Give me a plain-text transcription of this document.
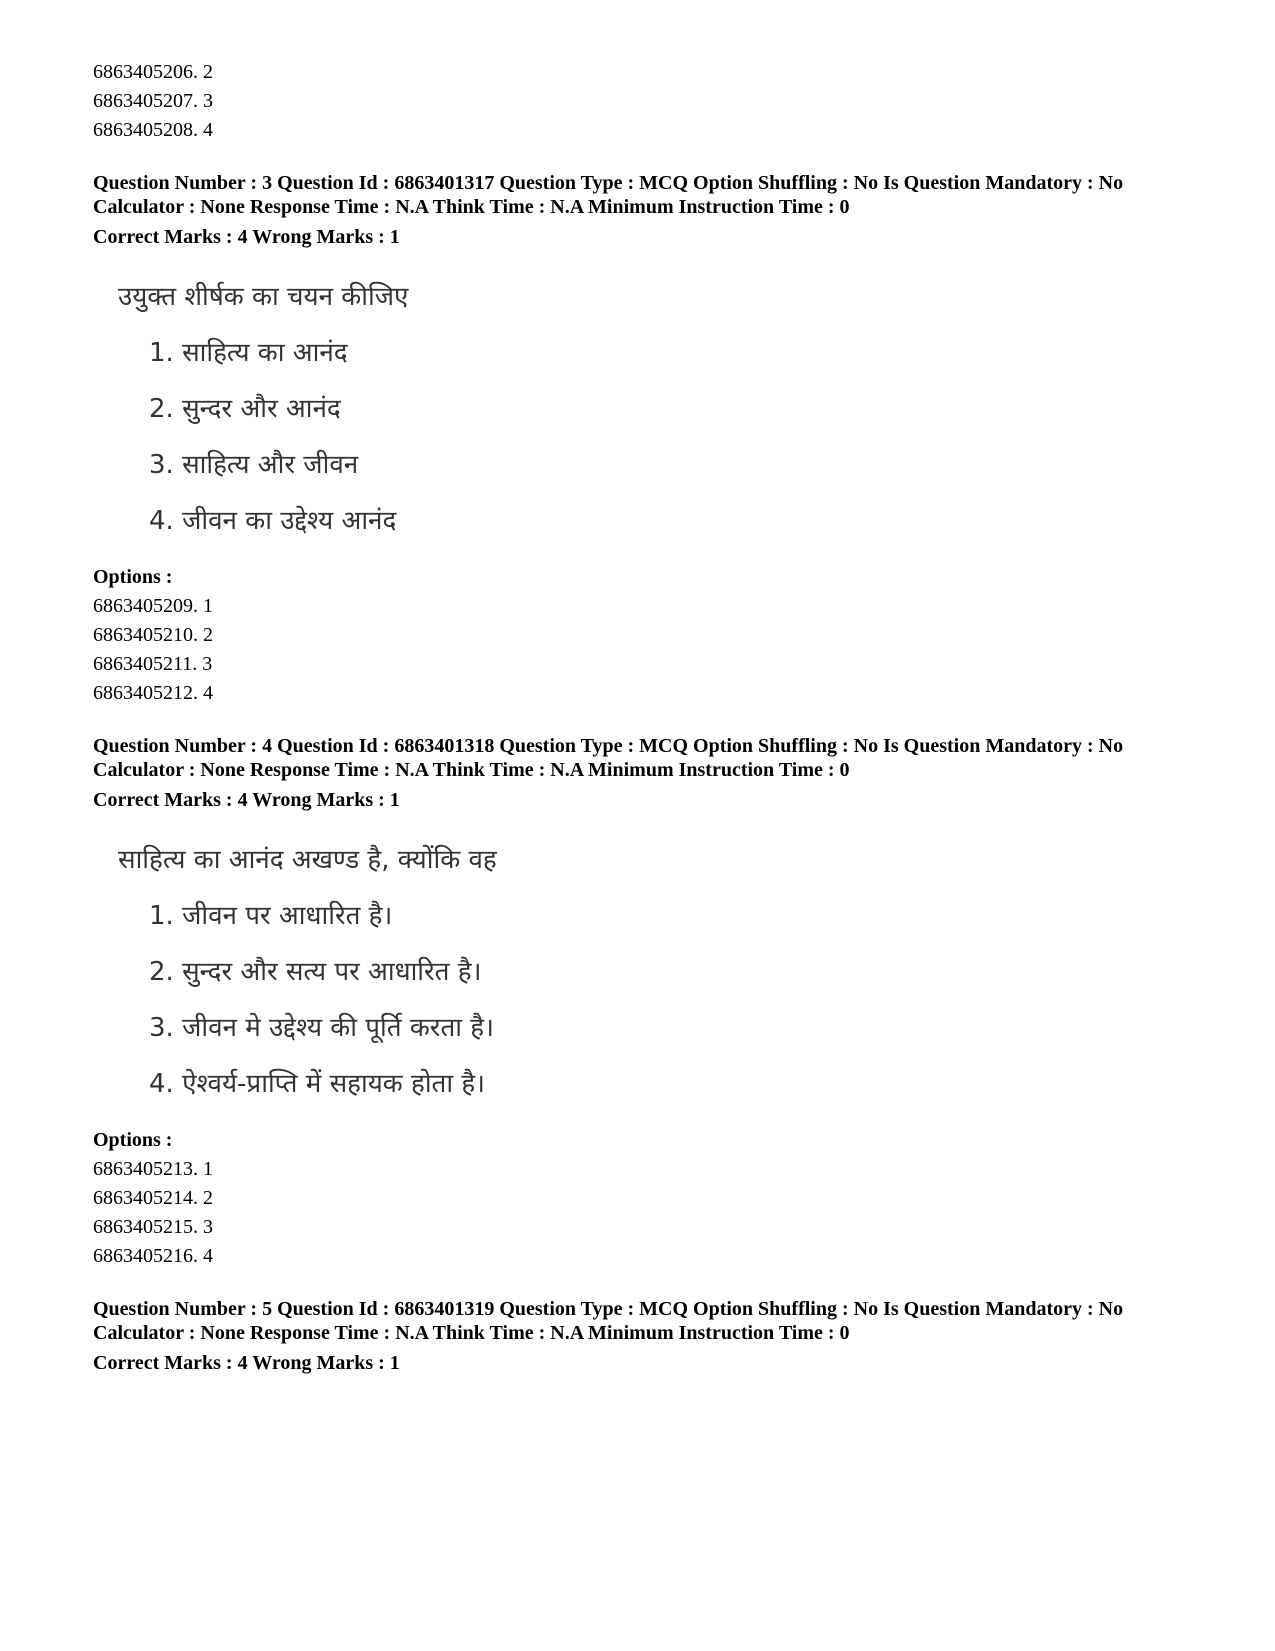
6863405206. 2
6863405207. 3
6863405208. 4
Question Number : 3 Question Id : 6863401317 Question Type : MCQ Option Shuffling : No Is Question Mandatory : No
Calculator : None Response Time : N.A Think Time : N.A Minimum Instruction Time : 0
Correct Marks : 4 Wrong Marks : 1
उयुक्त शीर्षक का चयन कीजिए
1. साहित्य का आनंद
2. सुन्दर और आनंद
3. साहित्य और जीवन
4. जीवन का उद्देश्य आनंद
Options :
6863405209. 1
6863405210. 2
6863405211. 3
6863405212. 4
Question Number : 4 Question Id : 6863401318 Question Type : MCQ Option Shuffling : No Is Question Mandatory : No
Calculator : None Response Time : N.A Think Time : N.A Minimum Instruction Time : 0
Correct Marks : 4 Wrong Marks : 1
साहित्य का आनंद अखण्ड है, क्योंकि वह
1. जीवन पर आधारित है।
2. सुन्दर और सत्य पर आधारित है।
3. जीवन मे उद्देश्य की पूर्ति करता है।
4. ऐश्वर्य-प्राप्ति में सहायक होता है।
Options :
6863405213. 1
6863405214. 2
6863405215. 3
6863405216. 4
Question Number : 5 Question Id : 6863401319 Question Type : MCQ Option Shuffling : No Is Question Mandatory : No
Calculator : None Response Time : N.A Think Time : N.A Minimum Instruction Time : 0
Correct Marks : 4 Wrong Marks : 1
